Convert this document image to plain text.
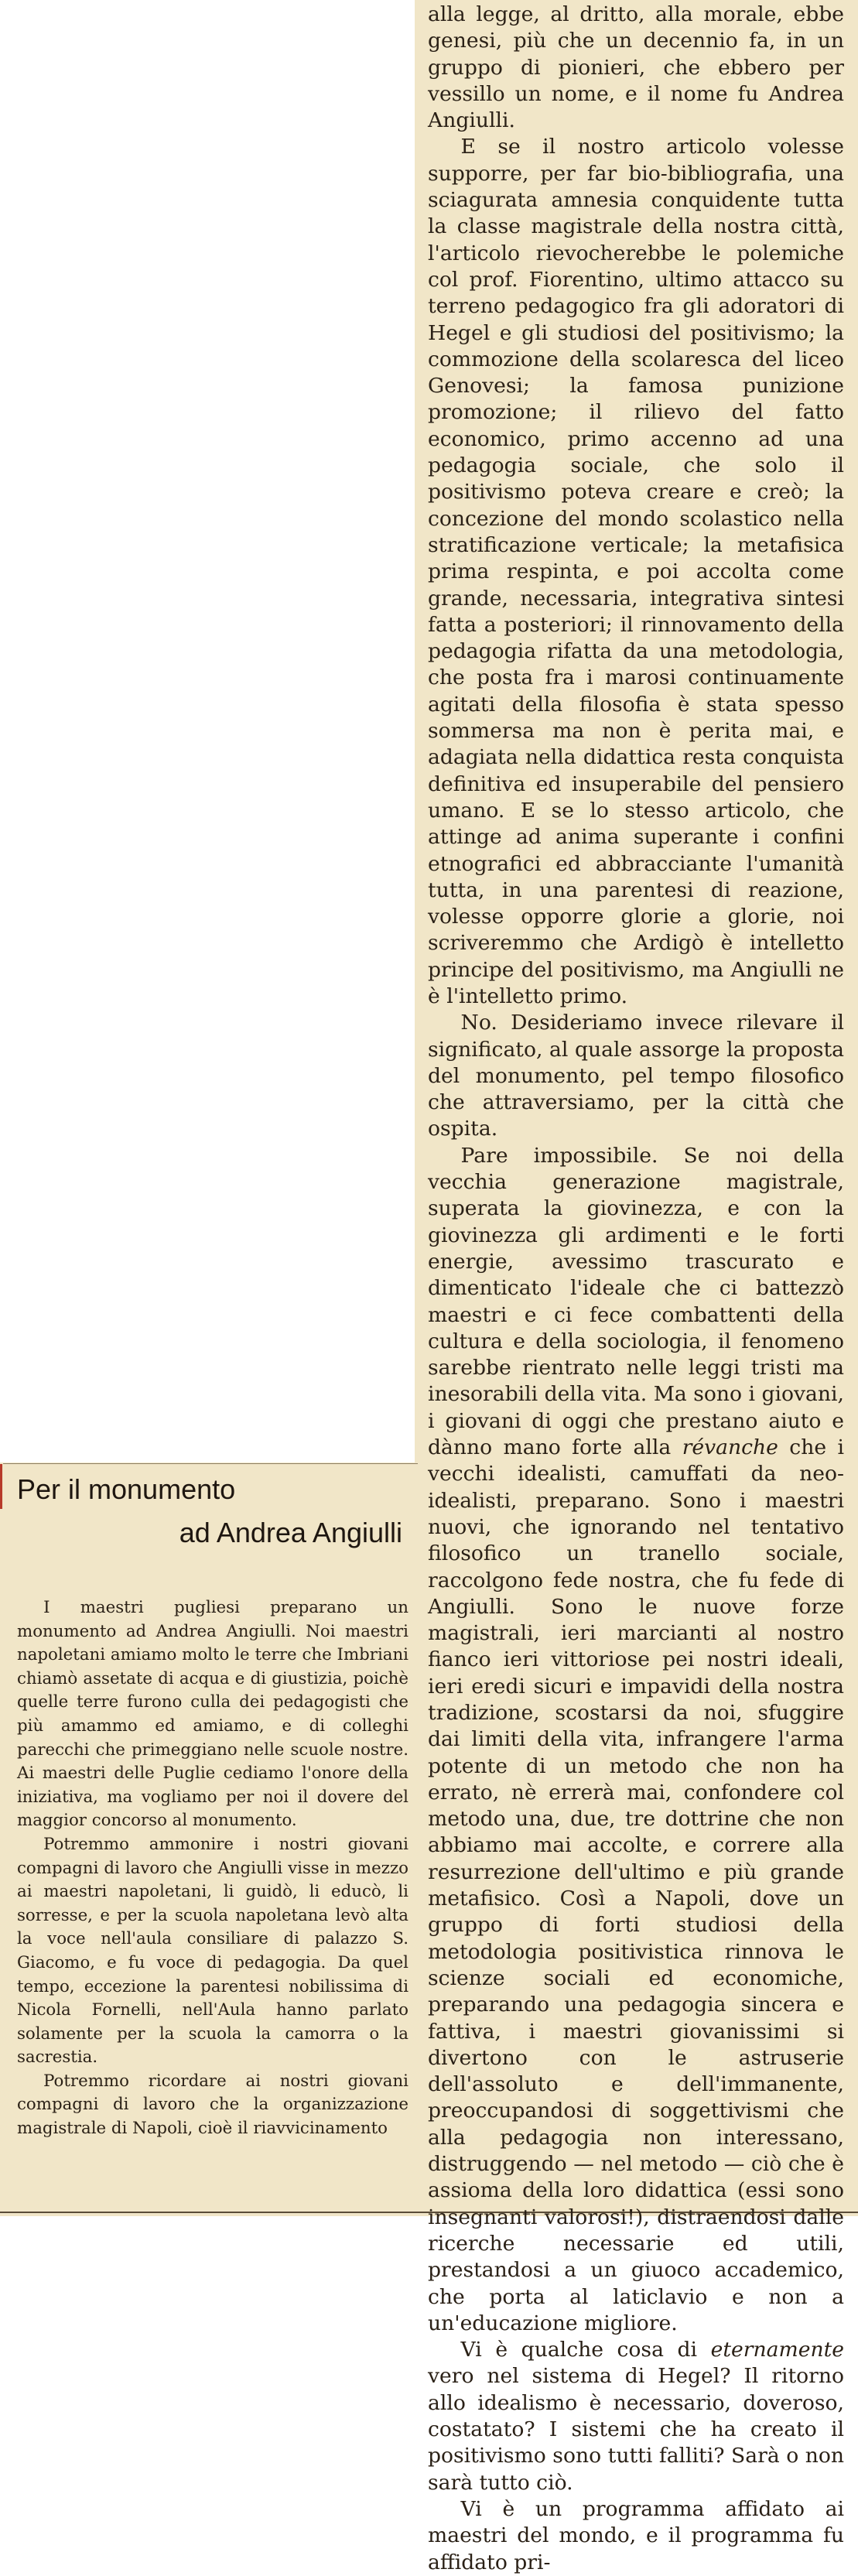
Per il monumento
ad Andrea Angiulli

I maestri pugliesi preparano un monumento ad Andrea Angiulli. Noi maestri napoletani amiamo molto le terre che Imbriani chiamò assetate di acqua e di giustizia, poichè quelle terre furono culla dei pedagogisti che più amammo ed amiamo, e di colleghi parecchi che primeggiano nelle scuole nostre. Ai maestri delle Puglie cediamo l'onore della iniziativa, ma vogliamo per noi il dovere del maggior concorso al monumento.

Potremmo ammonire i nostri giovani compagni di lavoro che Angiulli visse in mezzo ai maestri napoletani, li guidò, li educò, li sorresse, e per la scuola napoletana levò alta la voce nell'aula consiliare di palazzo S. Giacomo, e fu voce di pedagogia. Da quel tempo, eccezione la parentesi nobilissima di Nicola Fornelli, nell'Aula hanno parlato solamente per la scuola la camorra o la sacrestia.

Potremmo ricordare ai nostri giovani compagni di lavoro che la organizzazione magistrale di Napoli, cioè il riavvicinamento

alla legge, al dritto, alla morale, ebbe genesi, più che un decennio fa, in un gruppo di pionieri, che ebbero per vessillo un nome, e il nome fu Andrea Angiulli.

E se il nostro articolo volesse supporre, per far bio-bibliografia, una sciagurata amnesia conquidente tutta la classe magistrale della nostra città, l'articolo rievocherebbe le polemiche col prof. Fiorentino, ultimo attacco su terreno pedagogico fra gli adoratori di Hegel e gli studiosi del positivismo; la commozione della scolaresca del liceo Genovesi; la famosa punizione promozione; il rilievo del fatto economico, primo accenno ad una pedagogia sociale, che solo il positivismo poteva creare e creò; la concezione del mondo scolastico nella stratificazione verticale; la metafisica prima respinta, e poi accolta come grande, necessaria, integrativa sintesi fatta a posteriori; il rinnovamento della pedagogia rifatta da una metodologia, che posta fra i marosi continuamente agitati della filosofia è stata spesso sommersa ma non è perita mai, e adagiata nella didattica resta conquista definitiva ed insuperabile del pensiero umano. E se lo stesso articolo, che attinge ad anima superante i confini etnografici ed abbracciante l'umanità tutta, in una parentesi di reazione, volesse opporre glorie a glorie, noi scriveremmo che Ardigò è intelletto principe del positivismo, ma Angiulli ne è l'intelletto primo.

No. Desideriamo invece rilevare il significato, al quale assorge la proposta del monumento, pel tempo filosofico che attraversiamo, per la città che ospita.

Pare impossibile. Se noi della vecchia generazione magistrale, superata la giovinezza, e con la giovinezza gli ardimenti e le forti energie, avessimo trascurato e dimenticato l'ideale che ci battezzò maestri e ci fece combattenti della cultura e della sociologia, il fenomeno sarebbe rientrato nelle leggi tristi ma inesorabili della vita. Ma sono i giovani, i giovani di oggi che prestano aiuto e dànno mano forte alla révanche che i vecchi idealisti, camuffati da neo-idealisti, preparano. Sono i maestri nuovi, che ignorando nel tentativo filosofico un tranello sociale, raccolgono fede nostra, che fu fede di Angiulli. Sono le nuove forze magistrali, ieri marcianti al nostro fianco ieri vittoriose pei nostri ideali, ieri eredi sicuri e impavidi della nostra tradizione, scostarsi da noi, sfuggire dai limiti della vita, infrangere l'arma potente di un metodo che non ha errato, nè errerà mai, confondere col metodo una, due, tre dottrine che non abbiamo mai accolte, e correre alla resurrezione dell'ultimo e più grande metafisico. Così a Napoli, dove un gruppo di forti studiosi della metodologia positivistica rinnova le scienze sociali ed economiche, preparando una pedagogia sincera e fattiva, i maestri giovanissimi si divertono con le astruserie dell'assoluto e dell'immanente, preoccupandosi di soggettivismi che alla pedagogia non interessano, distruggendo — nel metodo — ciò che è assioma della loro didattica (essi sono insegnanti valorosi!), distraendosi dalle ricerche necessarie ed utili, prestandosi a un giuoco accademico, che porta al laticlavio e non a un'educazione migliore.

Vi è qualche cosa di eternamente vero nel sistema di Hegel? Il ritorno allo idealismo è necessario, doveroso, costatato? I sistemi che ha creato il positivismo sono tutti falliti? Sarà o non sarà tutto ciò.

Vi è un programma affidato ai maestri del mondo, e il programma fu affidato pri-
